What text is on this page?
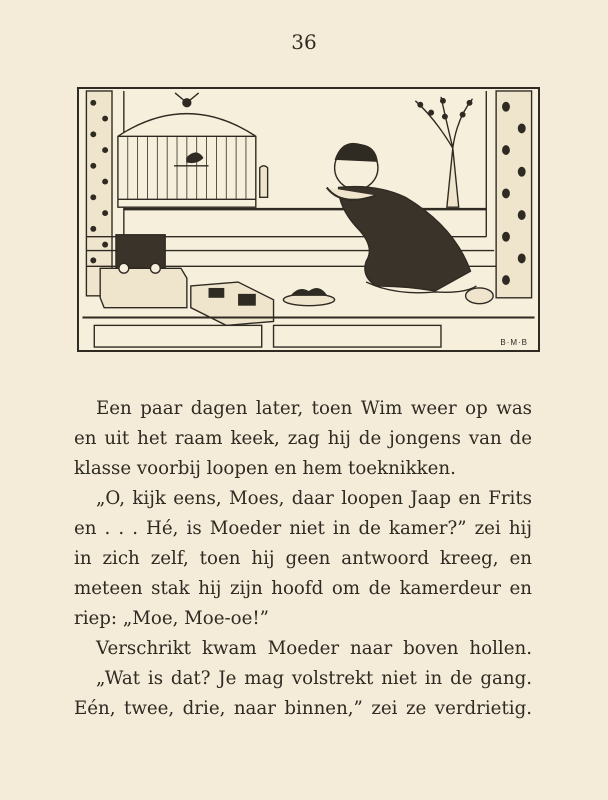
36
B·M·B
Een paar dagen later, toen Wim weer op was
en uit het raam keek, zag hij de jongens van de
klasse voorbij loopen en hem toeknikken.
„O, kijk eens, Moes, daar loopen Jaap en Frits
en . . . Hé, is Moeder niet in de kamer?” zei hij
in zich zelf, toen hij geen antwoord kreeg, en
meteen stak hij zijn hoofd om de kamerdeur en
riep: „Moe, Moe-oe!”
Verschrikt kwam Moeder naar boven hollen.
„Wat is dat? Je mag volstrekt niet in de gang.
Eén, twee, drie, naar binnen,” zei ze verdrietig.
